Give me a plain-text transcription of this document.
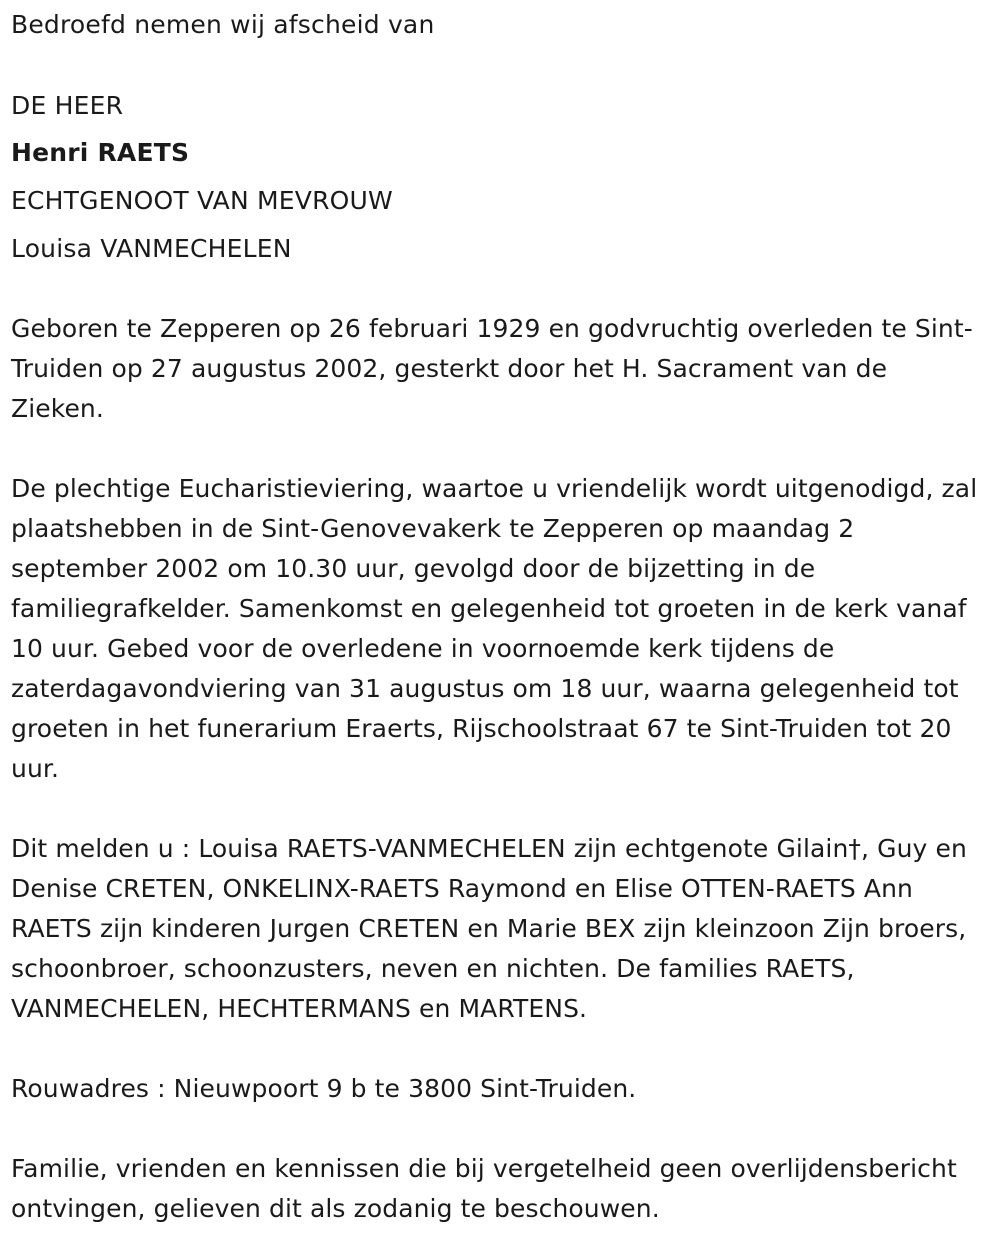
Bedroefd nemen wij afscheid van
DE HEER
Henri RAETS
ECHTGENOOT VAN MEVROUW
Louisa VANMECHELEN
Geboren te Zepperen op 26 februari 1929 en godvruchtig overleden te Sint-Truiden op 27 augustus 2002, gesterkt door het H. Sacrament van de Zieken.
De plechtige Eucharistieviering, waartoe u vriendelijk wordt uitgenodigd, zal plaatshebben in de Sint-Genovevakerk te Zepperen op maandag 2 september 2002 om 10.30 uur, gevolgd door de bijzetting in de familiegrafkelder. Samenkomst en gelegenheid tot groeten in de kerk vanaf 10 uur. Gebed voor de overledene in voornoemde kerk tijdens de zaterdagavondviering van 31 augustus om 18 uur, waarna gelegenheid tot groeten in het funerarium Eraerts, Rijschoolstraat 67 te Sint-Truiden tot 20 uur.
Dit melden u : Louisa RAETS-VANMECHELEN zijn echtgenote Gilain†, Guy en Denise CRETEN, ONKELINX-RAETS Raymond en Elise OTTEN-RAETS Ann RAETS zijn kinderen Jurgen CRETEN en Marie BEX zijn kleinzoon Zijn broers, schoonbroer, schoonzusters, neven en nichten. De families RAETS, VANMECHELEN, HECHTERMANS en MARTENS.
Rouwadres : Nieuwpoort 9 b te 3800 Sint-Truiden.
Familie, vrienden en kennissen die bij vergetelheid geen overlijdensbericht ontvingen, gelieven dit als zodanig te beschouwen.
